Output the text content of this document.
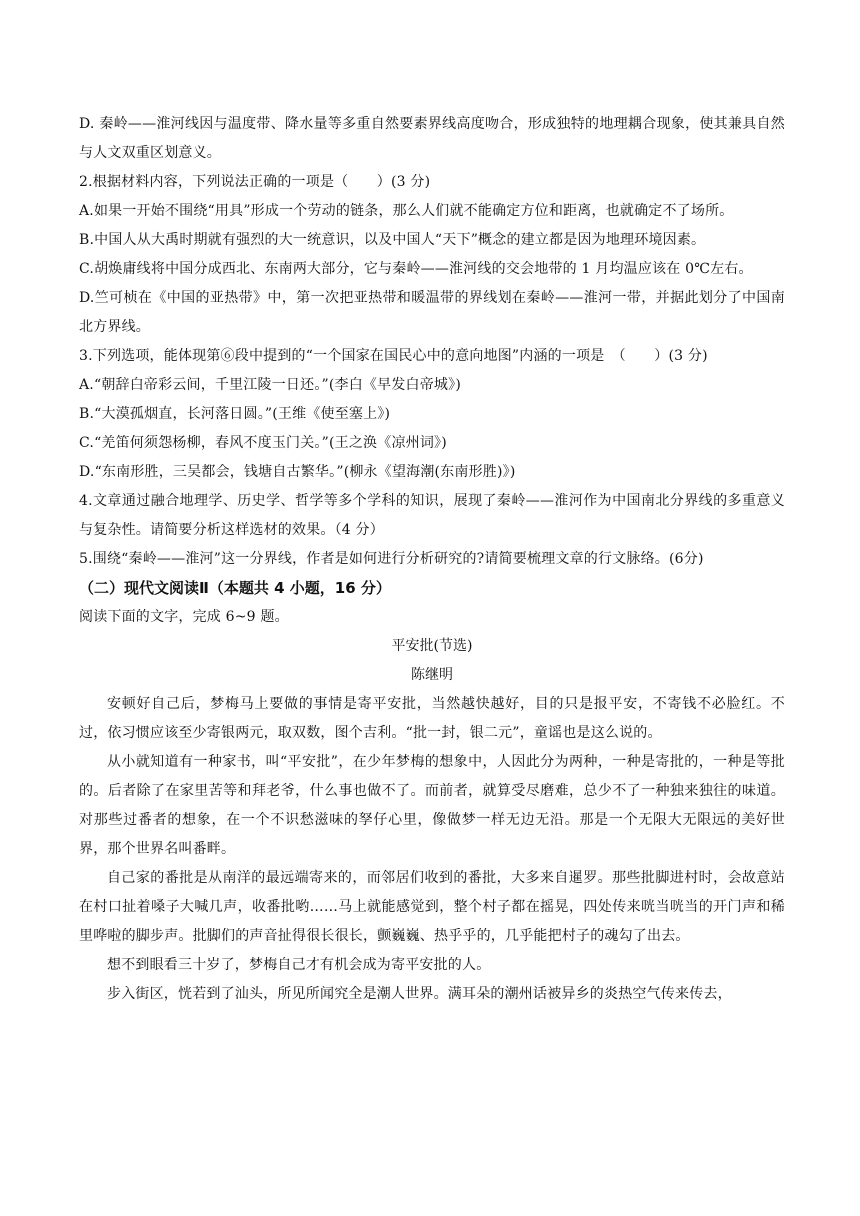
D. 秦岭——淮河线因与温度带、降水量等多重自然要素界线高度吻合，形成独特的地理耦合现象，使其兼具自然与人文双重区划意义。
2.根据材料内容，下列说法正确的一项是（　　）(3 分)
A.如果一开始不围绕“用具”形成一个劳动的链条，那么人们就不能确定方位和距离，也就确定不了场所。
B.中国人从大禹时期就有强烈的大一统意识，以及中国人“天下”概念的建立都是因为地理环境因素。
C.胡焕庸线将中国分成西北、东南两大部分，它与秦岭——淮河线的交会地带的 1 月均温应该在 0℃左右。
D.竺可桢在《中国的亚热带》中，第一次把亚热带和暖温带的界线划在秦岭——淮河一带，并据此划分了中国南北方界线。
3.下列选项，能体现第⑥段中提到的“一个国家在国民心中的意向地图”内涵的一项是　（　　）(3 分)
A.“朝辞白帝彩云间，千里江陵一日还。”(李白《早发白帝城》)
B.“大漠孤烟直，长河落日圆。”(王维《使至塞上》)
C.“羌笛何须怨杨柳，春风不度玉门关。”(王之涣《凉州词》)
D.“东南形胜，三吴都会，钱塘自古繁华。”(柳永《望海潮(东南形胜)》)
4.文章通过融合地理学、历史学、哲学等多个学科的知识，展现了秦岭——淮河作为中国南北分界线的多重意义与复杂性。请简要分析这样选材的效果。（4 分）
5.围绕“秦岭——淮河”这一分界线，作者是如何进行分析研究的?请简要梳理文章的行文脉络。(6分)
（二）现代文阅读Ⅱ（本题共 4 小题，16 分）
阅读下面的文字，完成 6~9 题。
平安批(节选)
陈继明
安顿好自己后，梦梅马上要做的事情是寄平安批，当然越快越好，目的只是报平安，不寄钱不必脸红。不过，依习惯应该至少寄银两元，取双数，图个吉利。“批一封，银二元”，童谣也是这么说的。
从小就知道有一种家书，叫“平安批”，在少年梦梅的想象中，人因此分为两种，一种是寄批的，一种是等批的。后者除了在家里苦等和拜老爷，什么事也做不了。而前者，就算受尽磨难，总少不了一种独来独往的味道。对那些过番者的想象，在一个不识愁滋味的孥仔心里，像做梦一样无边无沿。那是一个无限大无限远的美好世界，那个世界名叫番畔。
自己家的番批是从南洋的最远端寄来的，而邻居们收到的番批，大多来自暹罗。那些批脚进村时，会故意站在村口扯着嗓子大喊几声，收番批哟……马上就能感觉到，整个村子都在摇晃，四处传来咣当咣当的开门声和稀里哗啦的脚步声。批脚们的声音扯得很长很长，颤巍巍、热乎乎的，几乎能把村子的魂勾了出去。
想不到眼看三十岁了，梦梅自己才有机会成为寄平安批的人。
步入街区，恍若到了汕头，所见所闻究全是潮人世界。满耳朵的潮州话被异乡的炎热空气传来传去，
